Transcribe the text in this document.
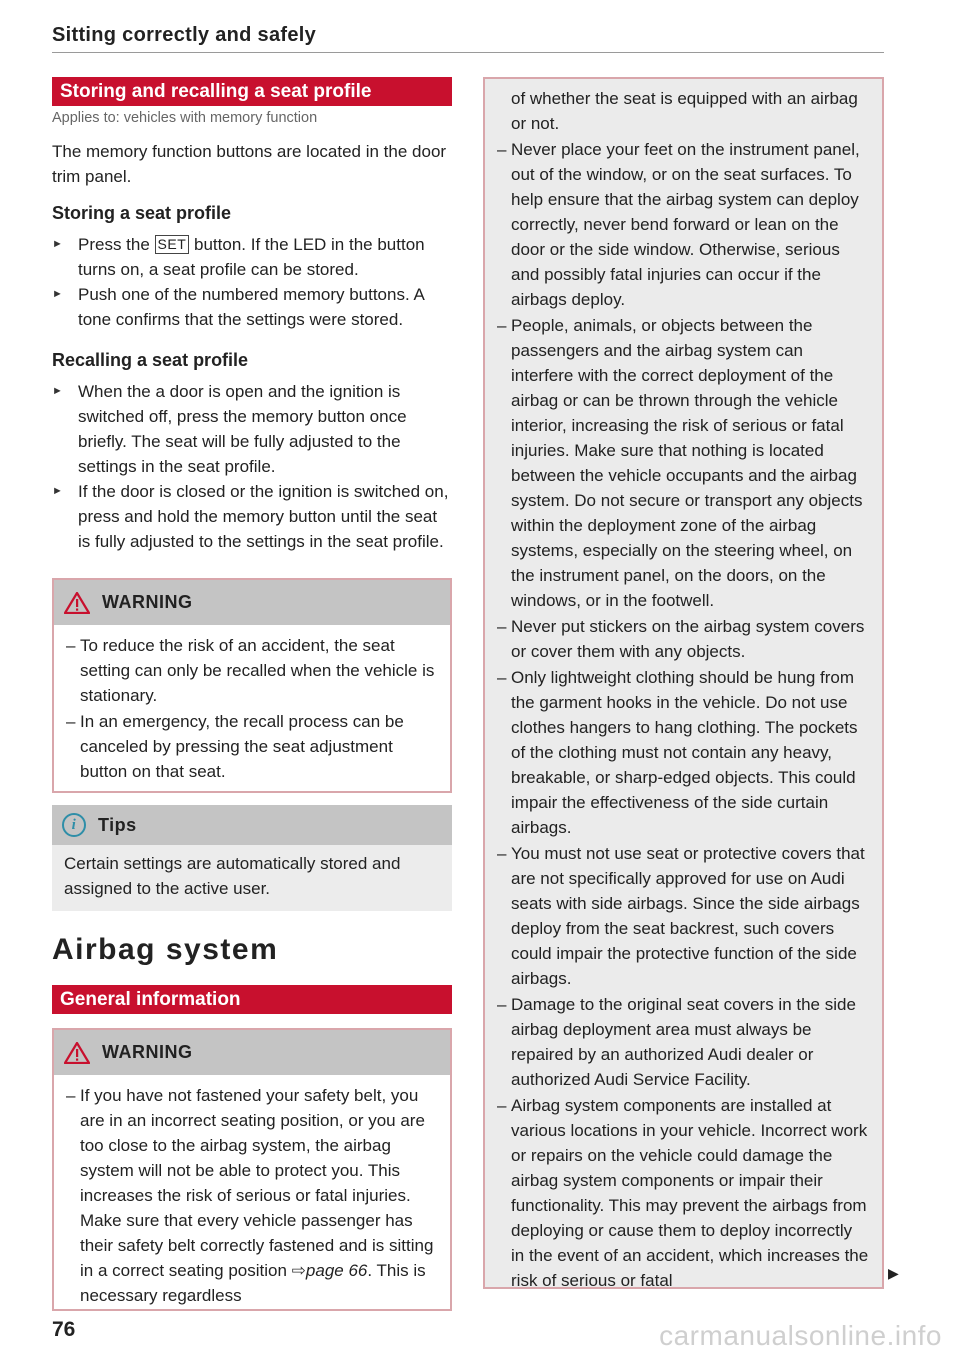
Sitting correctly and safely
Storing and recalling a seat profile
Applies to: vehicles with memory function

The memory function buttons are located in the door trim panel.

Storing a seat profile
► Press the SET button. If the LED in the button turns on, a seat profile can be stored.
► Push one of the numbered memory buttons. A tone confirms that the settings were stored.
Recalling a seat profile
► When the a door is open and the ignition is switched off, press the memory button once briefly. The seat will be fully adjusted to the settings in the seat profile.
► If the door is closed or the ignition is switched on, press and hold the memory button until the seat is fully adjusted to the settings in the seat profile.
WARNING
– To reduce the risk of an accident, the seat setting can only be recalled when the vehicle is stationary.
– In an emergency, the recall process can be canceled by pressing the seat adjustment button on that seat.
i	Tips
Certain settings are automatically stored and assigned to the active user.
Airbag system
General information
WARNING
– If you have not fastened your safety belt, you are in an incorrect seating position, or you are too close to the airbag system, the airbag system will not be able to protect you. This increases the risk of serious or fatal injuries. Make sure that every vehicle passenger has their safety belt correctly fastened and is sitting in a correct seating position ⇨page 66. This is necessary regardless

of whether the seat is equipped with an airbag or not.

– Never place your feet on the instrument panel, out of the window, or on the seat surfaces. To help ensure that the airbag system can deploy correctly, never bend forward or lean on the door or the side window. Otherwise, serious and possibly fatal injuries can occur if the airbags deploy.
– People, animals, or objects between the passengers and the airbag system can interfere with the correct deployment of the airbag or can be thrown through the vehicle interior, increasing the risk of serious or fatal injuries. Make sure that nothing is located between the vehicle occupants and the airbag system. Do not secure or transport any objects within the deployment zone of the airbag systems, especially on the steering wheel, on the instrument panel, on the doors, on the windows, or in the footwell.
– Never put stickers on the airbag system covers or cover them with any objects.
– Only lightweight clothing should be hung from the garment hooks in the vehicle. Do not use clothes hangers to hang clothing. The pockets of the clothing must not contain any heavy, breakable, or sharp-edged objects. This could impair the effectiveness of the side curtain airbags.
– You must not use seat or protective covers that are not specifically approved for use on Audi seats with side airbags. Since the side airbags deploy from the seat backrest, such covers could impair the protective function of the side airbags.
– Damage to the original seat covers in the side airbag deployment area must always be repaired by an authorized Audi dealer or authorized Audi Service Facility.
– Airbag system components are installed at various locations in your vehicle. Incorrect work or repairs on the vehicle could damage the airbag system components or impair their functionality. This may prevent the airbags from deploying or cause them to deploy incorrectly in the event of an accident, which increases the risk of serious or fatal	▶
76	carmanualsonline.info
